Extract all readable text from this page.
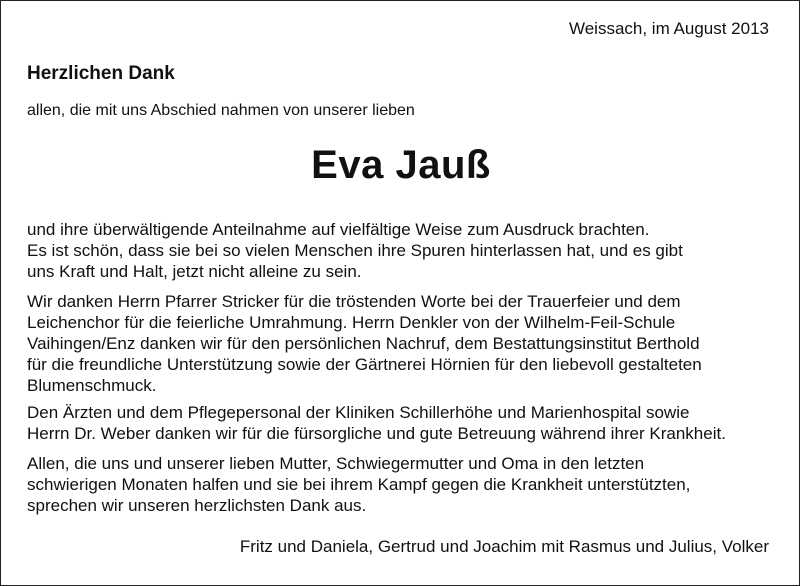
Weissach, im August 2013
Herzlichen Dank
allen, die mit uns Abschied nahmen von unserer lieben
Eva Jauß
und ihre überwältigende Anteilnahme auf vielfältige Weise zum Ausdruck brachten.
Es ist schön, dass sie bei so vielen Menschen ihre Spuren hinterlassen hat, und es gibt
uns Kraft und Halt, jetzt nicht alleine zu sein.
Wir danken Herrn Pfarrer Stricker für die tröstenden Worte bei der Trauerfeier und dem
Leichenchor für die feierliche Umrahmung. Herrn Denkler von der Wilhelm-Feil-Schule
Vaihingen/Enz danken wir für den persönlichen Nachruf, dem Bestattungsinstitut Berthold
für die freundliche Unterstützung sowie der Gärtnerei Hörnien für den liebevoll gestalteten
Blumenschmuck.
Den Ärzten und dem Pflegepersonal der Kliniken Schillerhöhe und Marienhospital sowie
Herrn Dr. Weber danken wir für die fürsorgliche und gute Betreuung während ihrer Krankheit.
Allen, die uns und unserer lieben Mutter, Schwiegermutter und Oma in den letzten
schwierigen Monaten halfen und sie bei ihrem Kampf gegen die Krankheit unterstützten,
sprechen wir unseren herzlichsten Dank aus.
Fritz und Daniela, Gertrud und Joachim mit Rasmus und Julius, Volker
